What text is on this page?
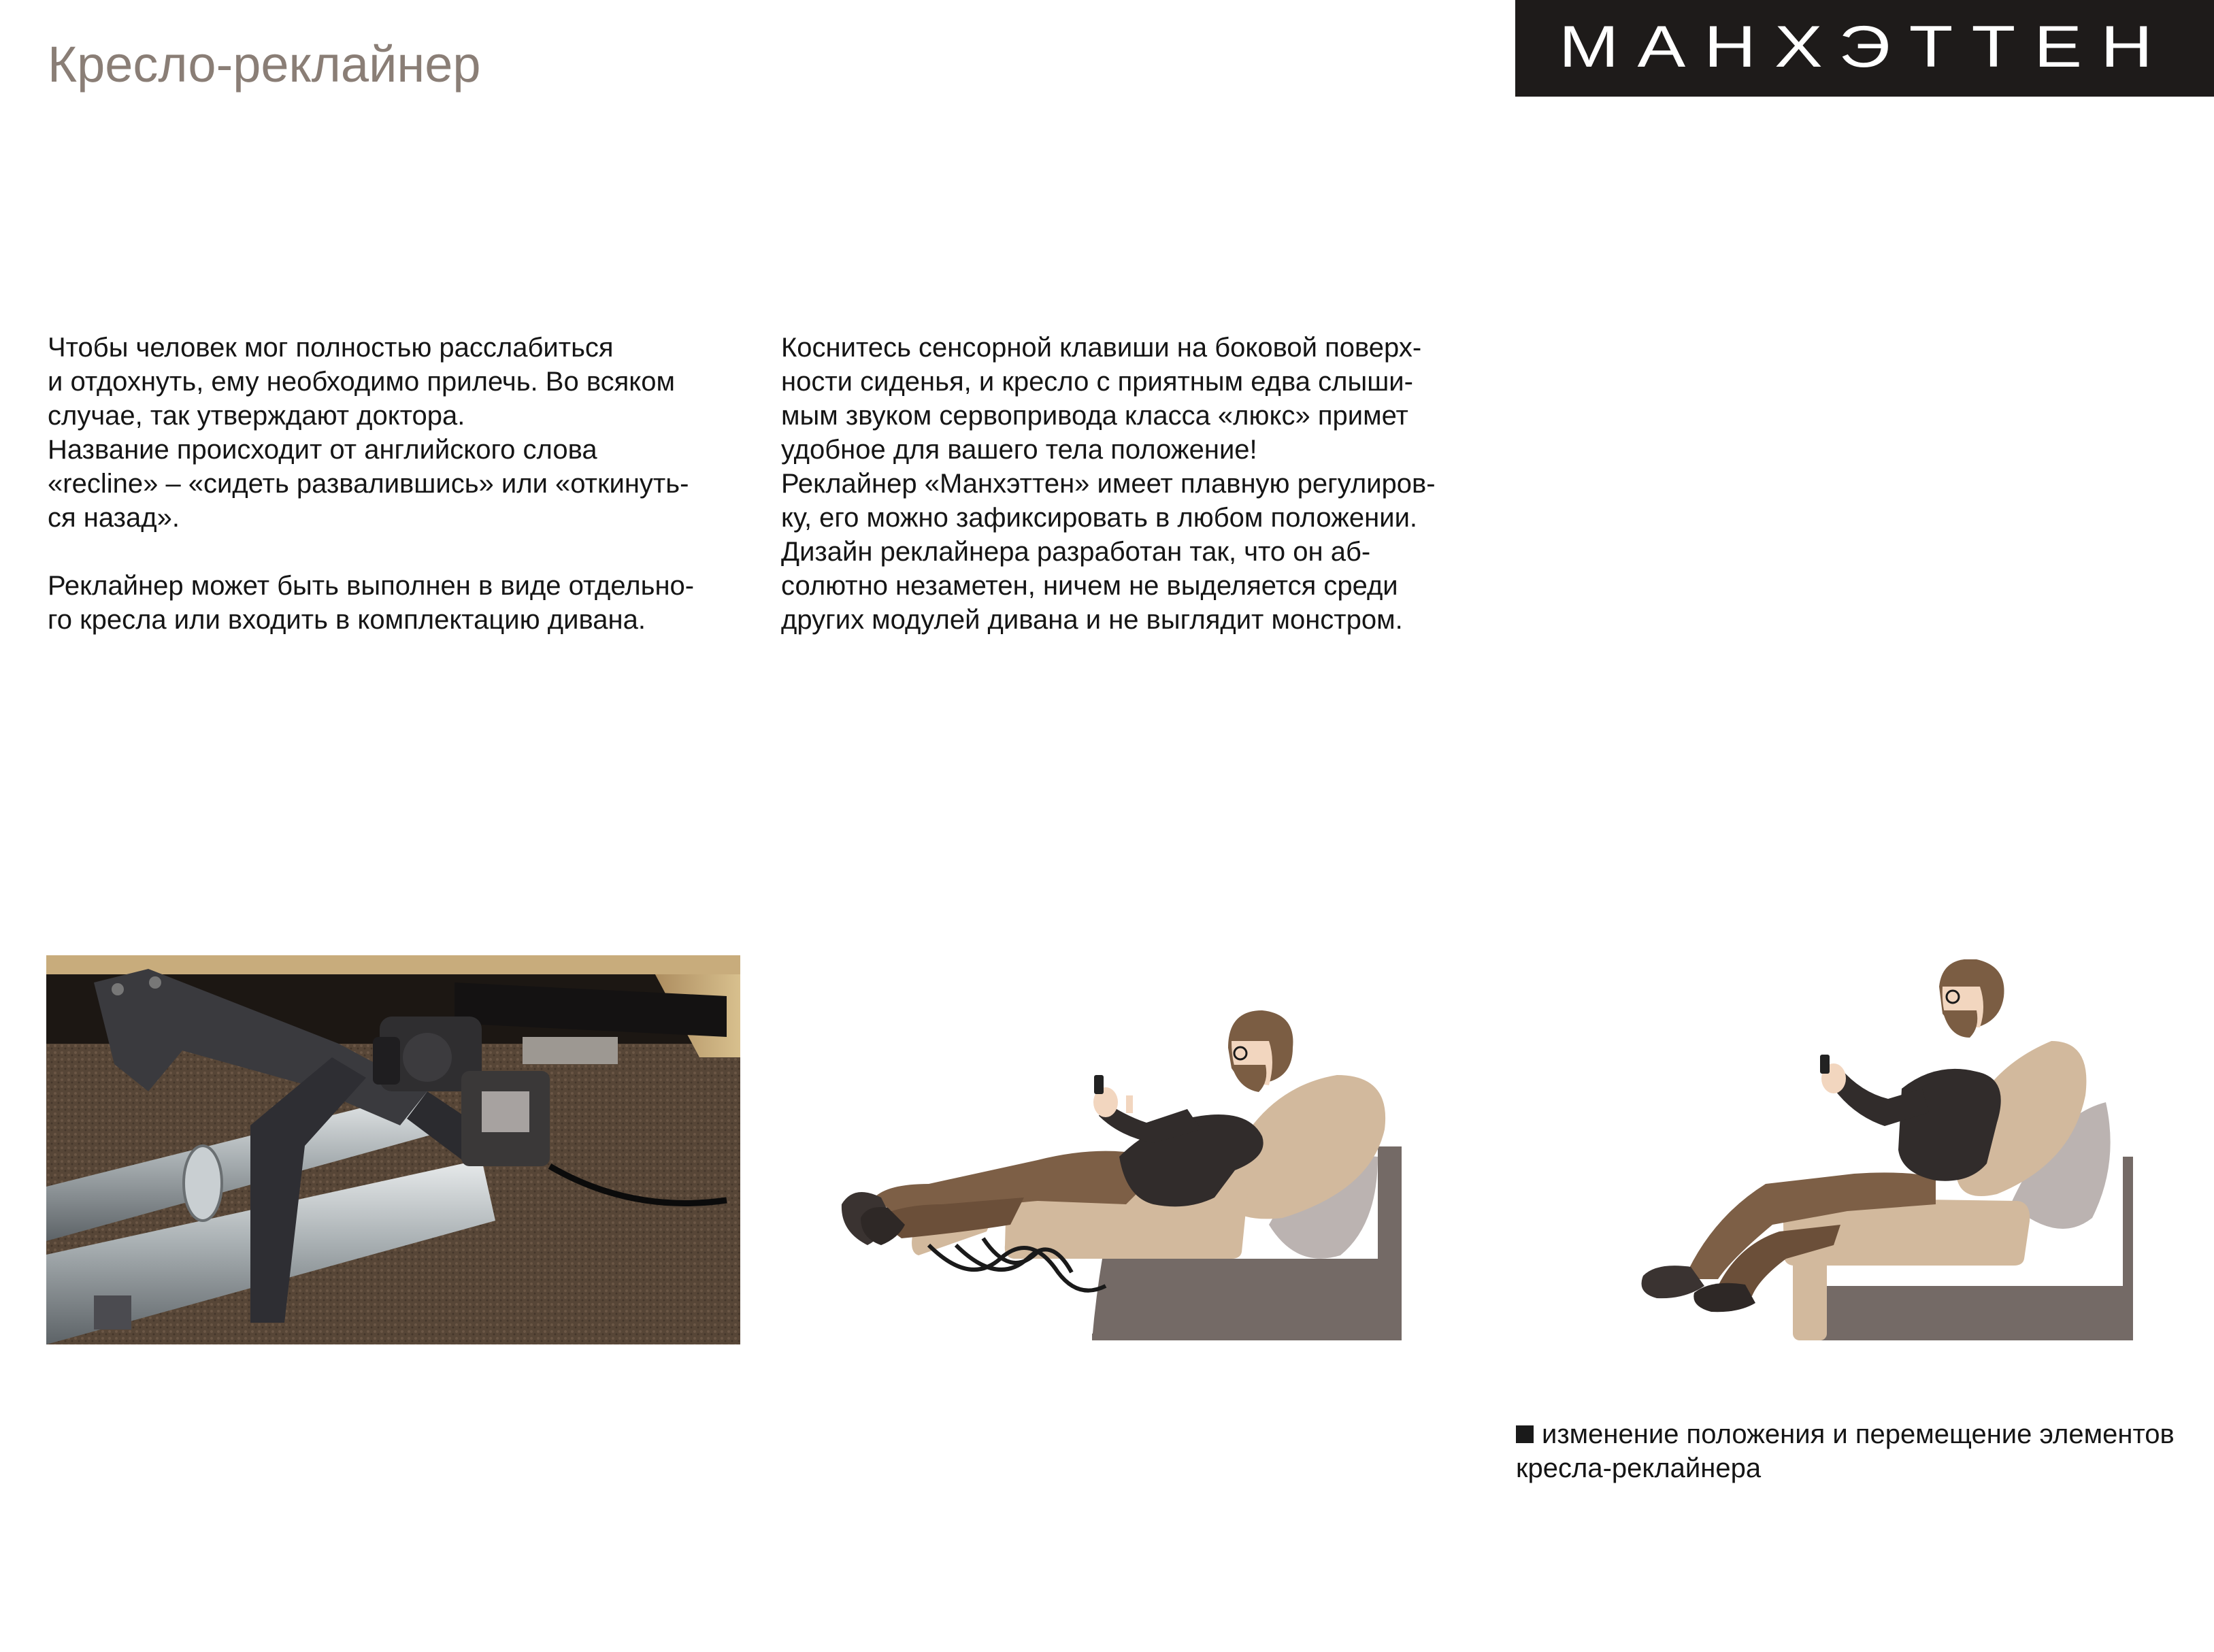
Кресло-реклайнер	МАНХЭТТЕН

Чтобы человек мог полностью расслабиться

и отдохнуть, ему необходимо прилечь. Во всяком

случае, так утверждают доктора.

Название происходит от английского слова

«recline» – «сидеть развалившись» или «откинуть-

ся назад».

Реклайнер может быть выполнен в виде отдельно-

го кресла или входить в комплектацию дивана.

Коснитесь сенсорной клавиши на боковой поверх-

ности сиденья, и кресло с приятным едва слыши-

мым звуком сервопривода класса «люкс» примет

удобное для вашего тела положение!

Реклайнер «Манхэттен» имеет плавную регулиров-

ку, его можно зафиксировать в любом положении.

Дизайн реклайнера разработан так, что он аб-

солютно незаметен, ничем не выделяется среди

других модулей дивана и не выглядит монстром.

изменение положения и перемещение элементов
кресла-реклайнера
